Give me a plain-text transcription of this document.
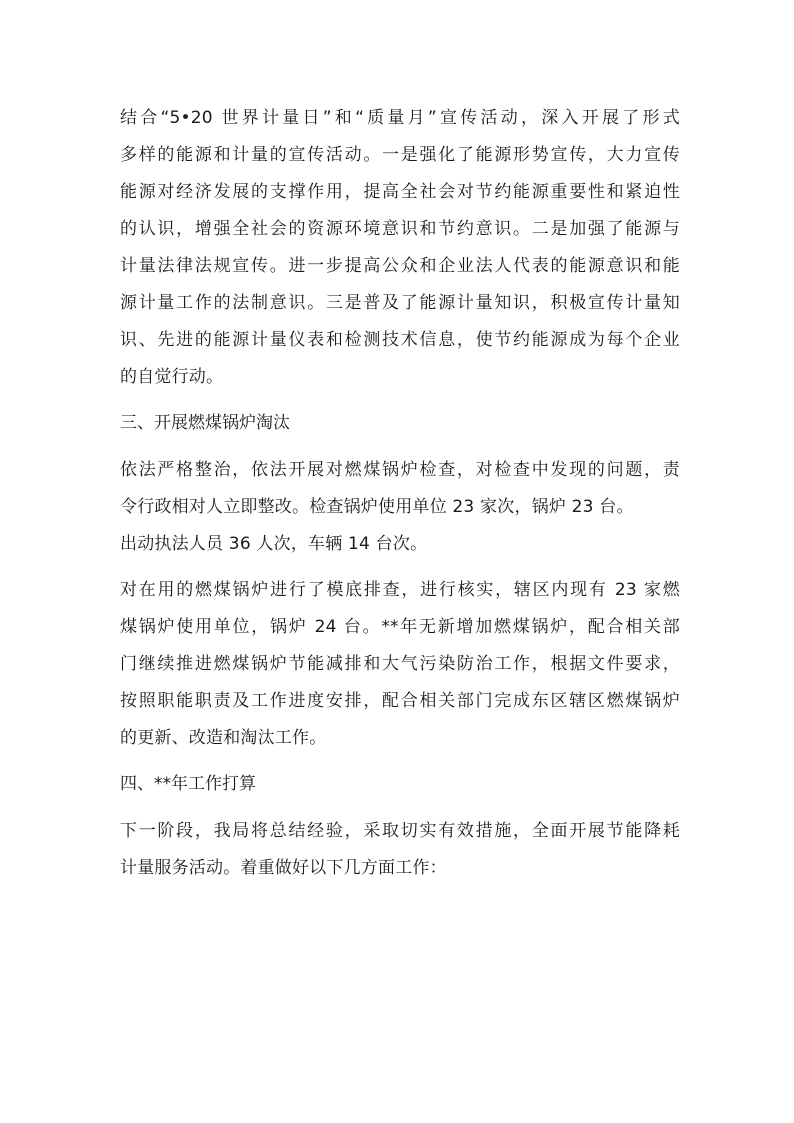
结合“5•20 世界计量日”和“质量月”宣传活动，深入开展了形式
多样的能源和计量的宣传活动。一是强化了能源形势宣传，大力宣传
能源对经济发展的支撑作用，提高全社会对节约能源重要性和紧迫性
的认识，增强全社会的资源环境意识和节约意识。二是加强了能源与
计量法律法规宣传。进一步提高公众和企业法人代表的能源意识和能
源计量工作的法制意识。三是普及了能源计量知识，积极宣传计量知
识、先进的能源计量仪表和检测技术信息，使节约能源成为每个企业
的自觉行动。

三、开展燃煤锅炉淘汰

依法严格整治，依法开展对燃煤锅炉检查，对检查中发现的问题，责
令行政相对人立即整改。检查锅炉使用单位 23 家次，锅炉 23 台。
出动执法人员 36 人次，车辆 14 台次。

对在用的燃煤锅炉进行了模底排查，进行核实，辖区内现有 23 家燃
煤锅炉使用单位，锅炉 24 台。**年无新增加燃煤锅炉，配合相关部
门继续推进燃煤锅炉节能减排和大气污染防治工作，根据文件要求，
按照职能职责及工作进度安排，配合相关部门完成东区辖区燃煤锅炉
的更新、改造和淘汰工作。

四、**年工作打算

下一阶段，我局将总结经验，采取切实有效措施，全面开展节能降耗
计量服务活动。着重做好以下几方面工作：
